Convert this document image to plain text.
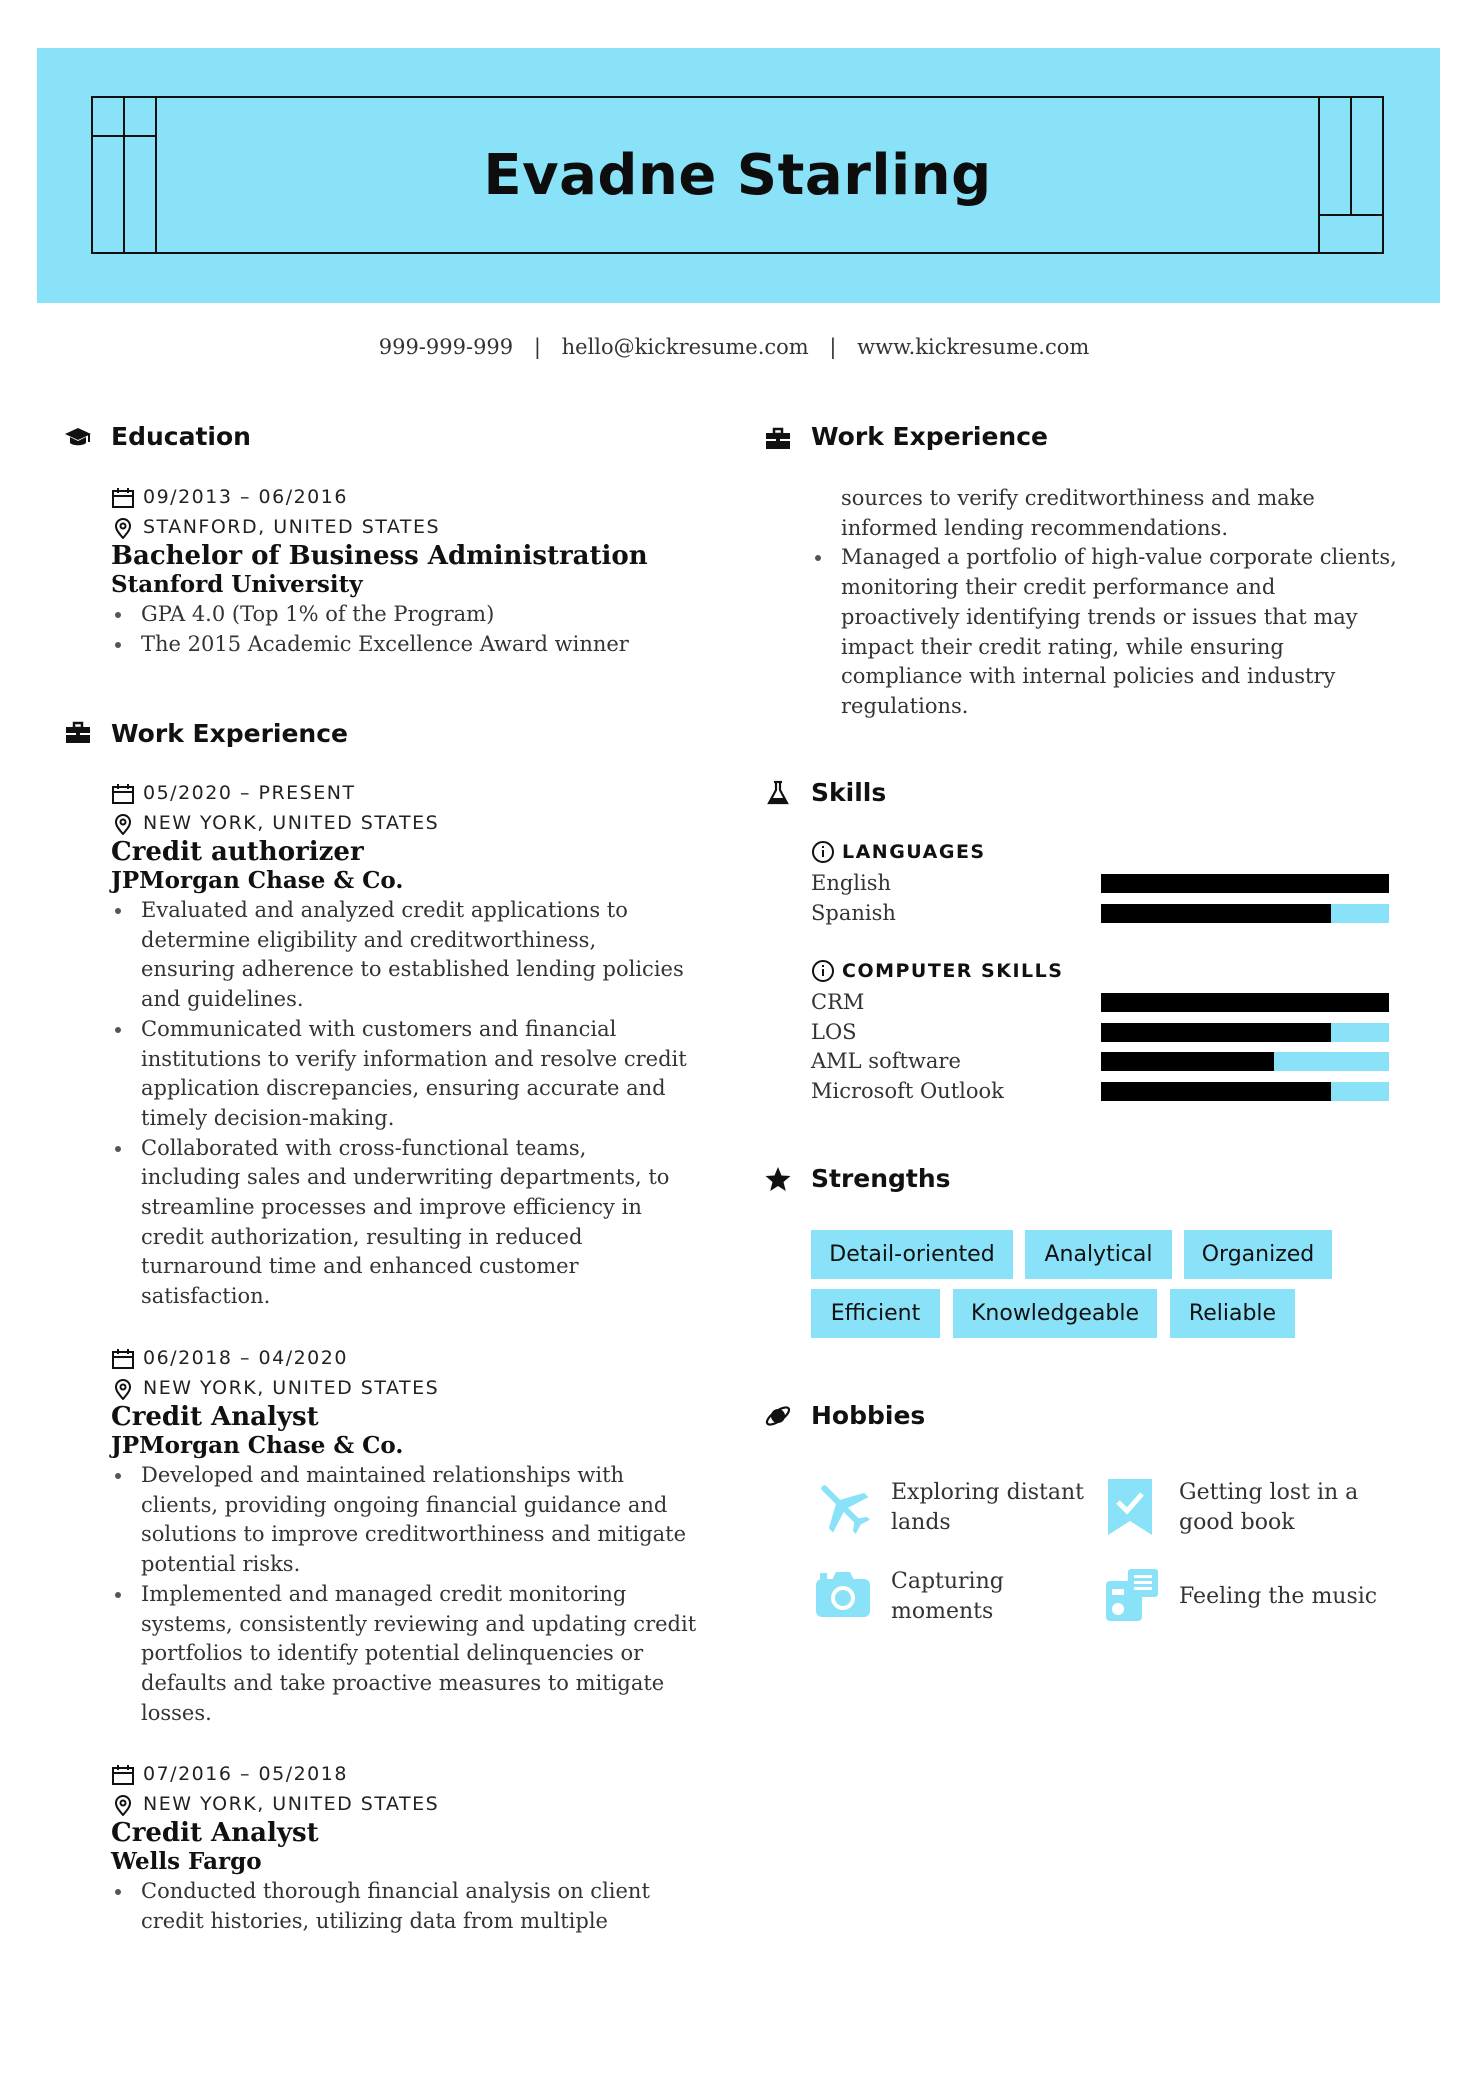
Evadne Starling
999-999-999 | hello@kickresume.com | www.kickresume.com
Education
09/2013 – 06/2016
STANFORD, UNITED STATES
Bachelor of Business Administration
Stanford University
GPA 4.0 (Top 1% of the Program)
The 2015 Academic Excellence Award winner
Work Experience
05/2020 – PRESENT
NEW YORK, UNITED STATES
Credit authorizer
JPMorgan Chase & Co.
Evaluated and analyzed credit applications to
determine eligibility and creditworthiness,
ensuring adherence to established lending policies
and guidelines.
Communicated with customers and financial
institutions to verify information and resolve credit
application discrepancies, ensuring accurate and
timely decision-making.
Collaborated with cross-functional teams,
including sales and underwriting departments, to
streamline processes and improve efficiency in
credit authorization, resulting in reduced
turnaround time and enhanced customer
satisfaction.
06/2018 – 04/2020
NEW YORK, UNITED STATES
Credit Analyst
JPMorgan Chase & Co.
Developed and maintained relationships with
clients, providing ongoing financial guidance and
solutions to improve creditworthiness and mitigate
potential risks.
Implemented and managed credit monitoring
systems, consistently reviewing and updating credit
portfolios to identify potential delinquencies or
defaults and take proactive measures to mitigate
losses.
07/2016 – 05/2018
NEW YORK, UNITED STATES
Credit Analyst
Wells Fargo
Conducted thorough financial analysis on client
credit histories, utilizing data from multiple
Work Experience
sources to verify creditworthiness and make
informed lending recommendations.
Managed a portfolio of high-value corporate clients,
monitoring their credit performance and
proactively identifying trends or issues that may
impact their credit rating, while ensuring
compliance with internal policies and industry
regulations.
Skills
LANGUAGES
English
Spanish
COMPUTER SKILLS
CRM
LOS
AML software
Microsoft Outlook
Strengths
Detail-oriented	Analytical	Organized
Efficient	Knowledgeable	Reliable
Hobbies
Exploring distant
lands
Getting lost in a
good book
Capturing
moments
Feeling the music
